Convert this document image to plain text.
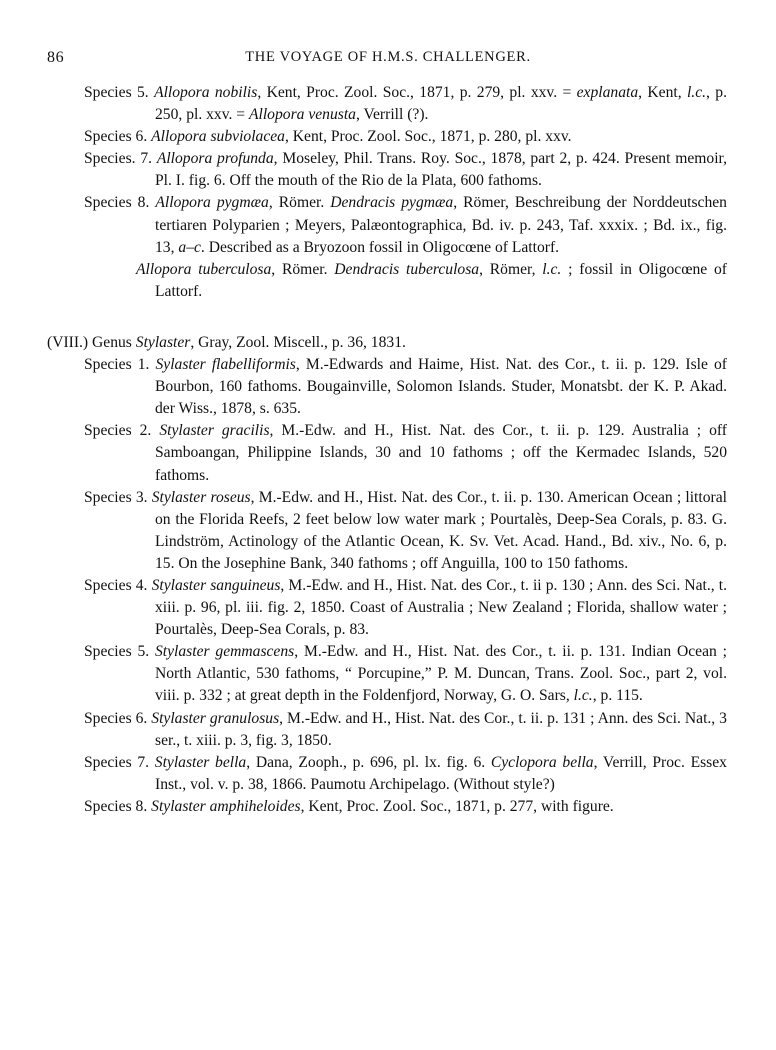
86	THE VOYAGE OF H.M.S. CHALLENGER.
Species 5. Allopora nobilis, Kent, Proc. Zool. Soc., 1871, p. 279, pl. xxv. = explanata, Kent, l.c., p. 250, pl. xxv. = Allopora venusta, Verrill (?).
Species 6. Allopora subviolacea, Kent, Proc. Zool. Soc., 1871, p. 280, pl. xxv.
Species. 7. Allopora profunda, Moseley, Phil. Trans. Roy. Soc., 1878, part 2, p. 424. Present memoir, Pl. I. fig. 6. Off the mouth of the Rio de la Plata, 600 fathoms.
Species 8. Allopora pygmæa, Römer. Dendracis pygmæa, Römer, Beschreibung der Norddeutschen tertiaren Polyparien ; Meyers, Palæontographica, Bd. iv. p. 243, Taf. xxxix. ; Bd. ix., fig. 13, a–c. Described as a Bryozoon fossil in Oligocœne of Lattorf.
Allopora tuberculosa, Römer. Dendracis tuberculosa, Römer, l.c. ; fossil in Oligocœne of Lattorf.
(VIII.) Genus Stylaster, Gray, Zool. Miscell., p. 36, 1831.
Species 1. Sylaster flabelliformis, M.-Edwards and Haime, Hist. Nat. des Cor., t. ii. p. 129. Isle of Bourbon, 160 fathoms. Bougainville, Solomon Islands. Studer, Monatsbt. der K. P. Akad. der Wiss., 1878, s. 635.
Species 2. Stylaster gracilis, M.-Edw. and H., Hist. Nat. des Cor., t. ii. p. 129. Australia ; off Samboangan, Philippine Islands, 30 and 10 fathoms ; off the Kermadec Islands, 520 fathoms.
Species 3. Stylaster roseus, M.-Edw. and H., Hist. Nat. des Cor., t. ii. p. 130. American Ocean ; littoral on the Florida Reefs, 2 feet below low water mark ; Pourtalès, Deep-Sea Corals, p. 83. G. Lindström, Actinology of the Atlantic Ocean, K. Sv. Vet. Acad. Hand., Bd. xiv., No. 6, p. 15. On the Josephine Bank, 340 fathoms ; off Anguilla, 100 to 150 fathoms.
Species 4. Stylaster sanguineus, M.-Edw. and H., Hist. Nat. des Cor., t. ii p. 130 ; Ann. des Sci. Nat., t. xiii. p. 96, pl. iii. fig. 2, 1850. Coast of Australia ; New Zealand ; Florida, shallow water ; Pourtalès, Deep-Sea Corals, p. 83.
Species 5. Stylaster gemmascens, M.-Edw. and H., Hist. Nat. des Cor., t. ii. p. 131. Indian Ocean ; North Atlantic, 530 fathoms, “ Porcupine,” P. M. Duncan, Trans. Zool. Soc., part 2, vol. viii. p. 332 ; at great depth in the Foldenfjord, Norway, G. O. Sars, l.c., p. 115.
Species 6. Stylaster granulosus, M.-Edw. and H., Hist. Nat. des Cor., t. ii. p. 131 ; Ann. des Sci. Nat., 3 ser., t. xiii. p. 3, fig. 3, 1850.
Species 7. Stylaster bella, Dana, Zooph., p. 696, pl. lx. fig. 6. Cyclopora bella, Verrill, Proc. Essex Inst., vol. v. p. 38, 1866. Paumotu Archipelago. (Without style?)
Species 8. Stylaster amphiheloides, Kent, Proc. Zool. Soc., 1871, p. 277, with figure.
